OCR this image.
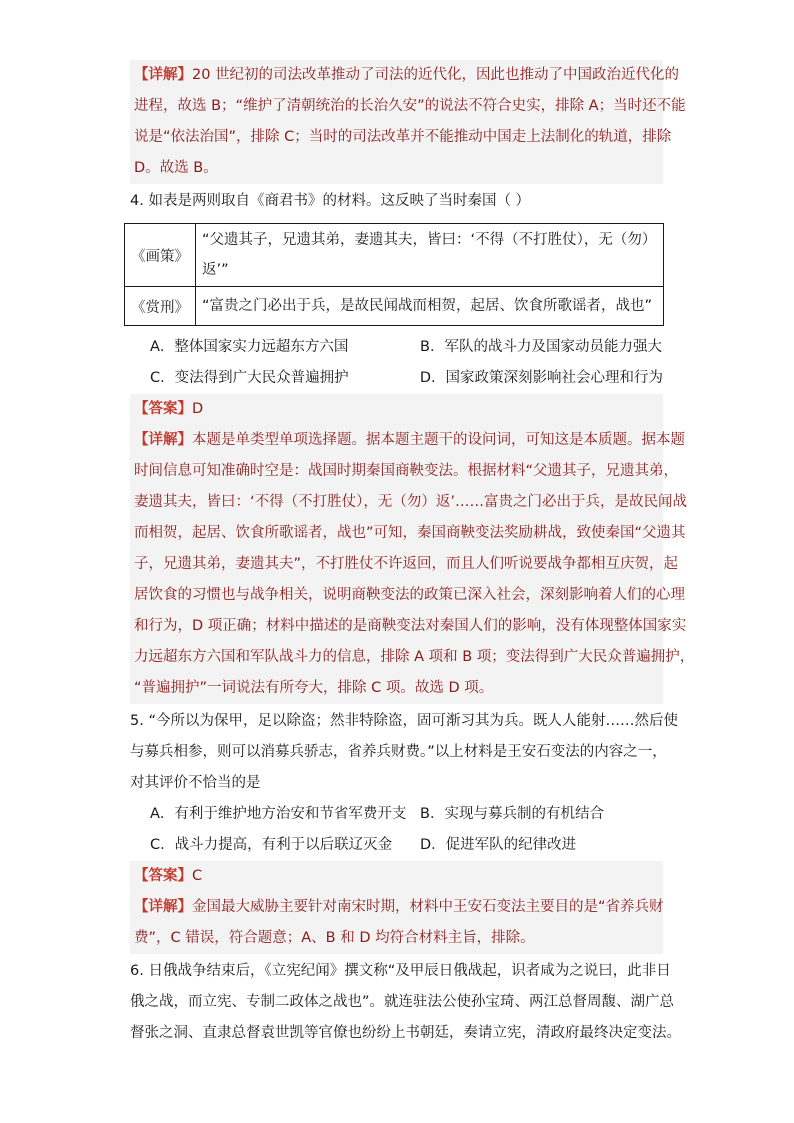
【详解】20 世纪初的司法改革推动了司法的近代化，因此也推动了中国政治近代化的
进程，故选 B；“维护了清朝统治的长治久安”的说法不符合史实，排除 A；当时还不能
说是“依法治国”，排除 C；当时的司法改革并不能推动中国走上法制化的轨道，排除
D。故选 B。
4. 如表是两则取自《商君书》的材料。这反映了当时秦国（ ）
《画策》	“父遗其子，兄遗其弟，妻遗其夫，皆曰：‘不得（不打胜仗），无（勿）返’”
《赏刑》	“富贵之门必出于兵，是故民闻战而相贺，起居、饮食所歌谣者，战也”
A．整体国家实力远超东方六国	B．军队的战斗力及国家动员能力强大
C．变法得到广大民众普遍拥护	D．国家政策深刻影响社会心理和行为
【答案】D
【详解】本题是单类型单项选择题。据本题主题干的设问词，可知这是本质题。据本题
时间信息可知准确时空是：战国时期秦国商鞅变法。根据材料“父遗其子，兄遗其弟，
妻遗其夫，皆曰：‘不得（不打胜仗），无（勿）返’……富贵之门必出于兵，是故民闻战
而相贺，起居、饮食所歌谣者，战也”可知，秦国商鞅变法奖励耕战，致使秦国“父遗其
子，兄遗其弟，妻遗其夫”，不打胜仗不许返回，而且人们听说要战争都相互庆贺，起
居饮食的习惯也与战争相关，说明商鞅变法的政策已深入社会，深刻影响着人们的心理
和行为，D 项正确；材料中描述的是商鞅变法对秦国人们的影响，没有体现整体国家实
力远超东方六国和军队战斗力的信息，排除 A 项和 B 项；变法得到广大民众普遍拥护，
“普遍拥护”一词说法有所夸大，排除 C 项。故选 D 项。
5. “今所以为保甲，足以除盗；然非特除盗，固可渐习其为兵。既人人能射……然后使
与募兵相参，则可以消募兵骄志，省养兵财费。”以上材料是王安石变法的内容之一，
对其评价不恰当的是
A．有利于维护地方治安和节省军费开支 B．实现与募兵制的有机结合
C．战斗力提高，有利于以后联辽灭金	D．促进军队的纪律改进
【答案】C
【详解】金国最大威胁主要针对南宋时期，材料中王安石变法主要目的是“省养兵财
费”，C 错误，符合题意；A、B 和 D 均符合材料主旨，排除。
6. 日俄战争结束后，《立宪纪闻》撰文称“及甲辰日俄战起，识者咸为之说曰，此非日
俄之战，而立宪、专制二政体之战也”。就连驻法公使孙宝琦、两江总督周馥、湖广总
督张之洞、直隶总督袁世凯等官僚也纷纷上书朝廷，奏请立宪，清政府最终决定变法。
